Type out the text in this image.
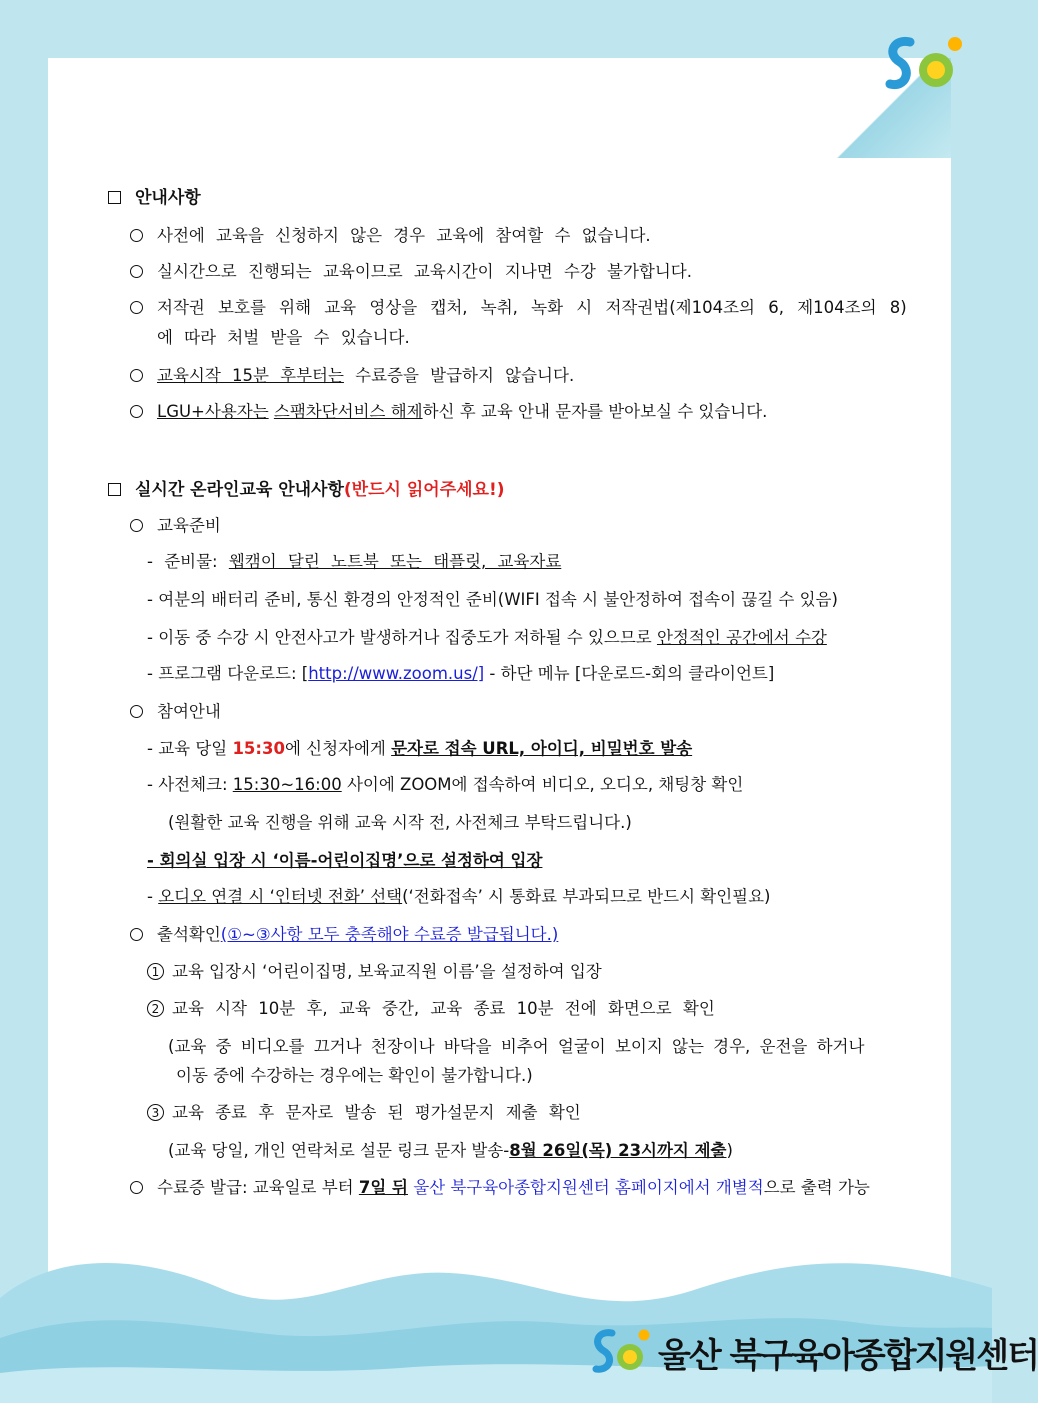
안내사항
사전에 교육을 신청하지 않은 경우 교육에 참여할 수 없습니다.
실시간으로 진행되는 교육이므로 교육시간이 지나면 수강 불가합니다.
저작권 보호를 위해 교육 영상을 캡처, 녹취, 녹화 시 저작권법(제104조의 6, 제104조의 8)
에 따라 처벌 받을 수 있습니다.
교육시작 15분 후부터는 수료증을 발급하지 않습니다.
LGU+사용자는 스팸차단서비스 해제하신 후 교육 안내 문자를 받아보실 수 있습니다.
실시간 온라인교육 안내사항(반드시 읽어주세요!)
교육준비
- 준비물: 웹캠이 달린 노트북 또는 태플릿, 교육자료
- 여분의 배터리 준비, 통신 환경의 안정적인 준비(WIFI 접속 시 불안정하여 접속이 끊길 수 있음)
- 이동 중 수강 시 안전사고가 발생하거나 집중도가 저하될 수 있으므로 안정적인 공간에서 수강
- 프로그램 다운로드: [http://www.zoom.us/] - 하단 메뉴 [다운로드-회의 클라이언트]
참여안내
- 교육 당일 15:30에 신청자에게 문자로 접속 URL, 아이디, 비밀번호 발송
- 사전체크: 15:30~16:00 사이에 ZOOM에 접속하여 비디오, 오디오, 채팅창 확인
(원활한 교육 진행을 위해 교육 시작 전, 사전체크 부탁드립니다.)
- 회의실 입장 시 ‘이름-어린이집명’으로 설정하여 입장
- 오디오 연결 시 ‘인터넷 전화’ 선택(‘전화접속’ 시 통화료 부과되므로 반드시 확인필요)
출석확인(①~③사항 모두 충족해야 수료증 발급됩니다.)
1 교육 입장시 ‘어린이집명, 보육교직원 이름’을 설정하여 입장
2 교육 시작 10분 후, 교육 중간, 교육 종료 10분 전에 화면으로 확인
(교육 중 비디오를 끄거나 천장이나 바닥을 비추어 얼굴이 보이지 않는 경우, 운전을 하거나
이동 중에 수강하는 경우에는 확인이 불가합니다.)
3 교육 종료 후 문자로 발송 된 평가설문지 제출 확인
(교육 당일, 개인 연락처로 설문 링크 문자 발송-8월 26일(목) 23시까지 제출)
수료증 발급: 교육일로 부터 7일 뒤 울산 북구육아종합지원센터 홈페이지에서 개별적으로 출력 가능
울산 북구육아종합지원센터
